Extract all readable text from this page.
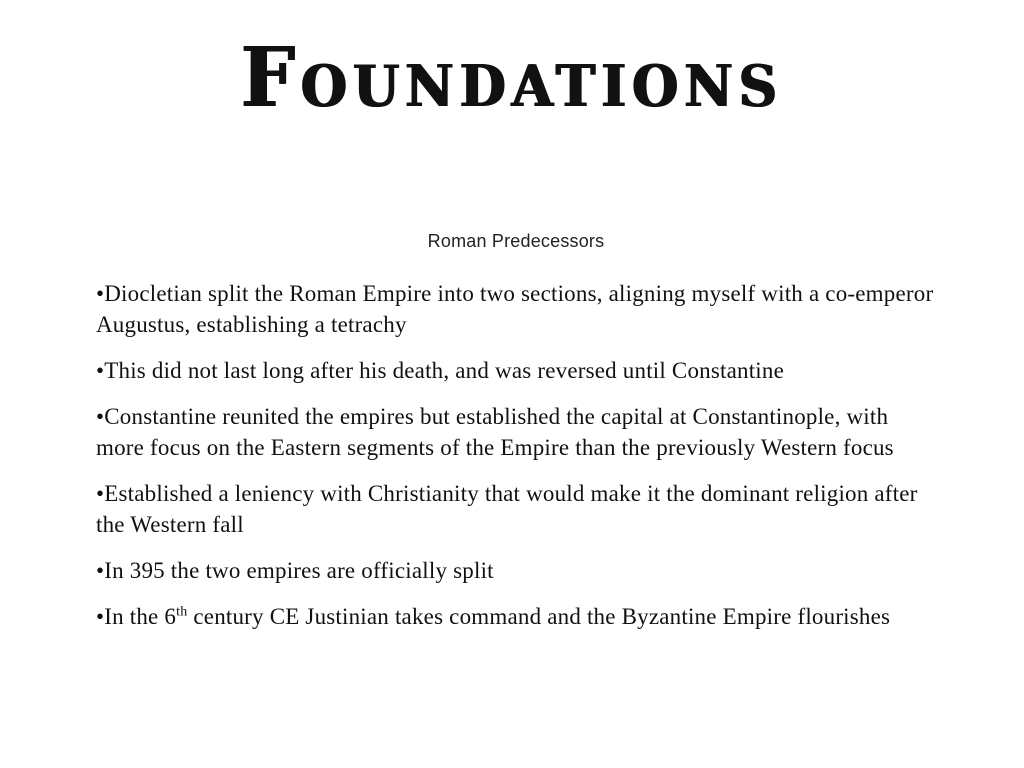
Foundations
Roman Predecessors
•Diocletian split the Roman Empire into two sections, aligning myself with a co-emperor Augustus, establishing a tetrachy
•This did not last long after his death, and was reversed until Constantine
•Constantine reunited the empires but established the capital at Constantinople, with more focus on the Eastern segments of the Empire than the previously Western focus
•Established a leniency with Christianity that would make it the dominant religion after the Western fall
•In 395 the two empires are officially split
•In the 6th century CE Justinian takes command and the Byzantine Empire flourishes
